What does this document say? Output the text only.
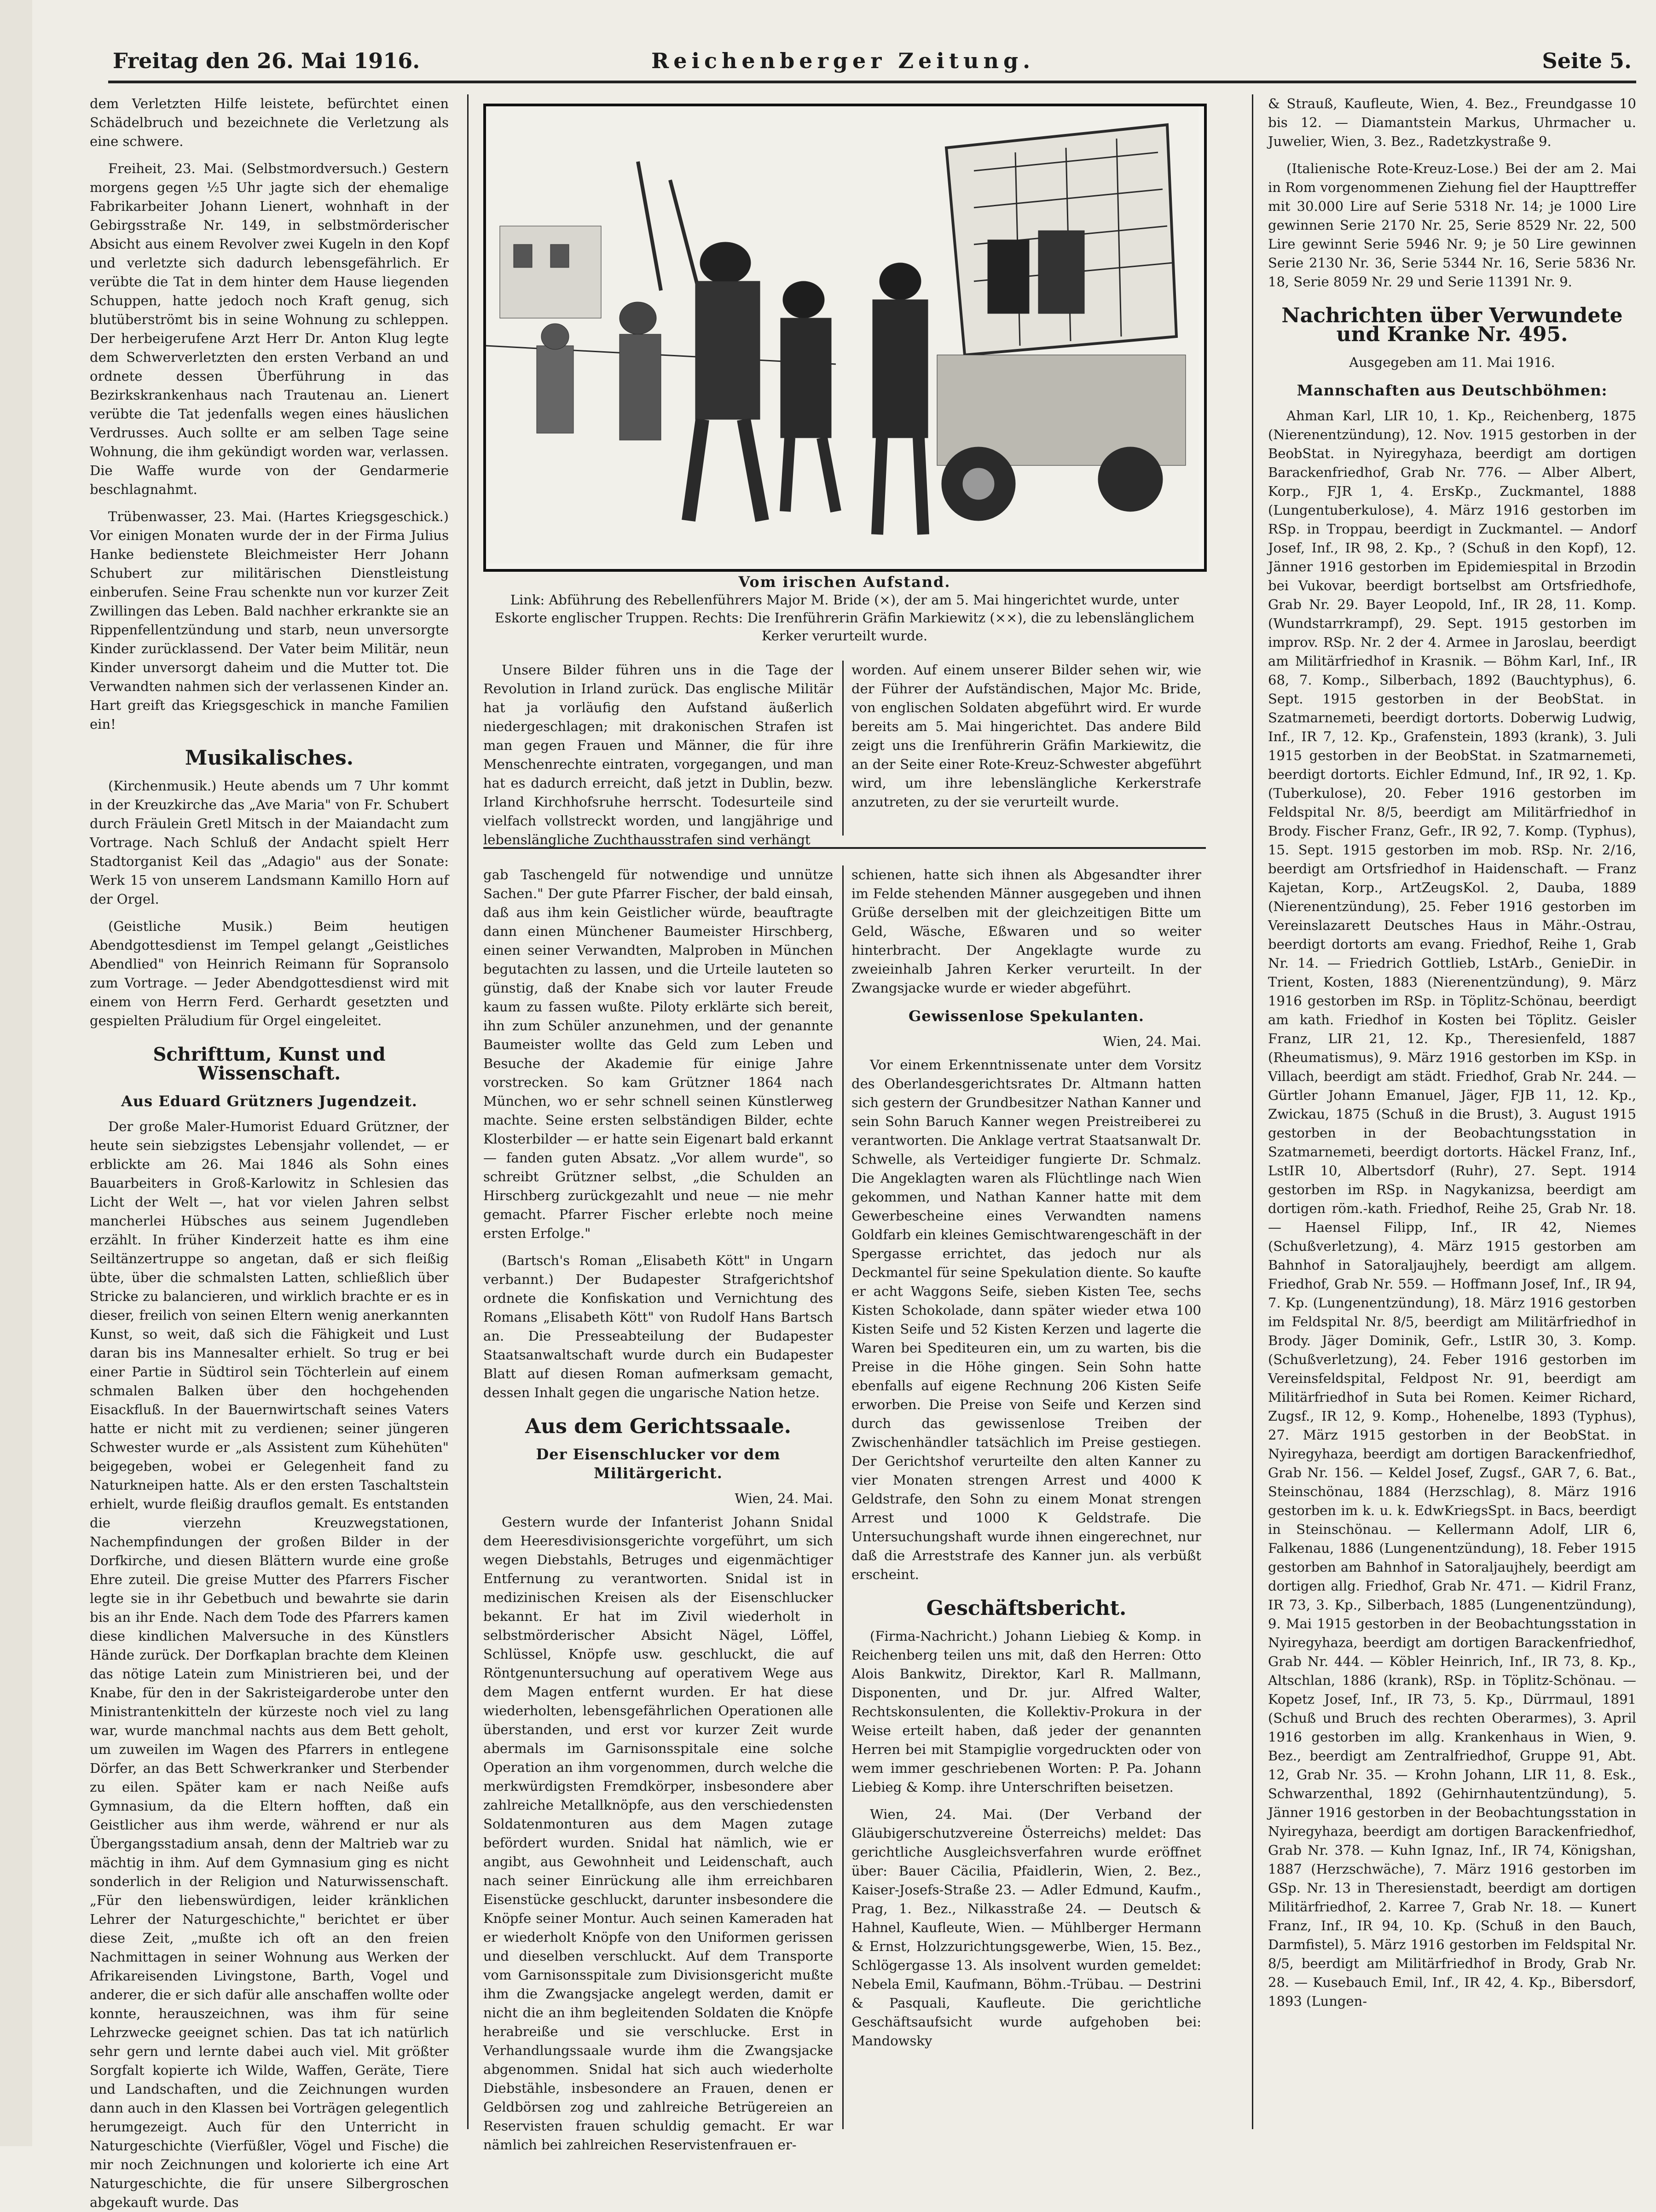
Freitag den 26. Mai 1916.	Reichenberger Zeitung.	Seite 5.

dem Verletzten Hilfe leistete, befürchtet einen Schädelbruch und bezeichnete die Verletzung als eine schwere.

Freiheit, 23. Mai. (Selbstmordversuch.) Gestern morgens gegen ½5 Uhr jagte sich der ehemalige Fabrikarbeiter Johann Lienert, wohnhaft in der Gebirgsstraße Nr. 149, in selbstmörderischer Absicht aus einem Revolver zwei Kugeln in den Kopf und verletzte sich dadurch lebensgefährlich. Er verübte die Tat in dem hinter dem Hause liegenden Schuppen, hatte jedoch noch Kraft genug, sich blutüberströmt bis in seine Wohnung zu schleppen. Der herbeigerufene Arzt Herr Dr. Anton Klug legte dem Schwerverletzten den ersten Verband an und ordnete dessen Überführung in das Bezirkskrankenhaus nach Trautenau an. Lienert verübte die Tat jedenfalls wegen eines häuslichen Verdrusses. Auch sollte er am selben Tage seine Wohnung, die ihm gekündigt worden war, verlassen. Die Waffe wurde von der Gendarmerie beschlagnahmt.

Trübenwasser, 23. Mai. (Hartes Kriegsgeschick.) Vor einigen Monaten wurde der in der Firma Julius Hanke bedienstete Bleichmeister Herr Johann Schubert zur militärischen Dienstleistung einberufen. Seine Frau schenkte nun vor kurzer Zeit Zwillingen das Leben. Bald nachher erkrankte sie an Rippenfellentzündung und starb, neun unversorgte Kinder zurücklassend. Der Vater beim Militär, neun Kinder unversorgt daheim und die Mutter tot. Die Verwandten nahmen sich der verlassenen Kinder an. Hart greift das Kriegsgeschick in manche Familien ein!

Musikalisches.

(Kirchenmusik.) Heute abends um 7 Uhr kommt in der Kreuzkirche das „Ave Maria" von Fr. Schubert durch Fräulein Gretl Mitsch in der Maiandacht zum Vortrage. Nach Schluß der Andacht spielt Herr Stadtorganist Keil das „Adagio" aus der Sonate: Werk 15 von unserem Landsmann Kamillo Horn auf der Orgel.

(Geistliche Musik.) Beim heutigen Abendgottesdienst im Tempel gelangt „Geistliches Abendlied" von Heinrich Reimann für Sopransolo zum Vortrage. — Jeder Abendgottesdienst wird mit einem von Herrn Ferd. Gerhardt gesetzten und gespielten Präludium für Orgel eingeleitet.

Schrifttum, Kunst und Wissenschaft.
Aus Eduard Grützners Jugendzeit.

Der große Maler-Humorist Eduard Grützner, der heute sein siebzigstes Lebensjahr vollendet, — er erblickte am 26. Mai 1846 als Sohn eines Bauarbeiters in Groß-Karlowitz in Schlesien das Licht der Welt —, hat vor vielen Jahren selbst mancherlei Hübsches aus seinem Jugendleben erzählt. In früher Kinderzeit hatte es ihm eine Seiltänzertruppe so angetan, daß er sich fleißig übte, über die schmalsten Latten, schließlich über Stricke zu balancieren, und wirklich brachte er es in dieser, freilich von seinen Eltern wenig anerkannten Kunst, so weit, daß sich die Fähigkeit und Lust daran bis ins Mannesalter erhielt. So trug er bei einer Partie in Südtirol sein Töchterlein auf einem schmalen Balken über den hochgehenden Eisackfluß. In der Bauernwirtschaft seines Vaters hatte er nicht mit zu verdienen; seiner jüngeren Schwester wurde er „als Assistent zum Kühehüten" beigegeben, wobei er Gelegenheit fand zu Naturkneipen hatte. Als er den ersten Taschaltstein erhielt, wurde fleißig drauflos gemalt. Es entstanden die vierzehn Kreuzwegstationen, Nachempfindungen der großen Bilder in der Dorfkirche, und diesen Blättern wurde eine große Ehre zuteil. Die greise Mutter des Pfarrers Fischer legte sie in ihr Gebetbuch und bewahrte sie darin bis an ihr Ende. Nach dem Tode des Pfarrers kamen diese kindlichen Malversuche in des Künstlers Hände zurück. Der Dorfkaplan brachte dem Kleinen das nötige Latein zum Ministrieren bei, und der Knabe, für den in der Sakristeigarderobe unter den Ministrantenkitteln der kürzeste noch viel zu lang war, wurde manchmal nachts aus dem Bett geholt, um zuweilen im Wagen des Pfarrers in entlegene Dörfer, an das Bett Schwerkranker und Sterbender zu eilen. Später kam er nach Neiße aufs Gymnasium, da die Eltern hofften, daß ein Geistlicher aus ihm werde, während er nur als Übergangsstadium ansah, denn der Maltrieb war zu mächtig in ihm. Auf dem Gymnasium ging es nicht sonderlich in der Religion und Naturwissenschaft. „Für den liebenswürdigen, leider kränklichen Lehrer der Naturgeschichte," berichtet er über diese Zeit, „mußte ich oft an den freien Nachmittagen in seiner Wohnung aus Werken der Afrikareisenden Livingstone, Barth, Vogel und anderer, die er sich dafür alle anschaffen wollte oder konnte, herauszeichnen, was ihm für seine Lehrzwecke geeignet schien. Das tat ich natürlich sehr gern und lernte dabei auch viel. Mit größter Sorgfalt kopierte ich Wilde, Waffen, Geräte, Tiere und Landschaften, und die Zeichnungen wurden dann auch in den Klassen bei Vorträgen gelegentlich herumgezeigt. Auch für den Unterricht in Naturgeschichte (Vierfüßler, Vögel und Fische) die mir noch Zeichnungen und kolorierte ich eine Art Naturgeschichte, die für unsere Silbergroschen abgekauft wurde. Das

Vom irischen Aufstand.
Link: Abführung des Rebellenführers Major M. Bride (×), der am 5. Mai hingerichtet wurde, unter Eskorte englischer Truppen. Rechts: Die Irenführerin Gräfin Markiewitz (××), die zu lebenslänglichem Kerker verurteilt wurde.

Unsere Bilder führen uns in die Tage der Revolution in Irland zurück. Das englische Militär hat ja vorläufig den Aufstand äußerlich niedergeschlagen; mit drakonischen Strafen ist man gegen Frauen und Männer, die für ihre Menschenrechte eintraten, vorgegangen, und man hat es dadurch erreicht, daß jetzt in Dublin, bezw. Irland Kirchhofsruhe herrscht. Todesurteile sind vielfach vollstreckt worden, und langjährige und lebenslängliche Zuchthausstrafen sind verhängt

worden. Auf einem unserer Bilder sehen wir, wie der Führer der Aufständischen, Major Mc. Bride, von englischen Soldaten abgeführt wird. Er wurde bereits am 5. Mai hingerichtet. Das andere Bild zeigt uns die Irenführerin Gräfin Markiewitz, die an der Seite einer Rote-Kreuz-Schwester abgeführt wird, um ihre lebenslängliche Kerkerstrafe anzutreten, zu der sie verurteilt wurde.

gab Taschengeld für notwendige und unnütze Sachen." Der gute Pfarrer Fischer, der bald einsah, daß aus ihm kein Geistlicher würde, beauftragte dann einen Münchener Baumeister Hirschberg, einen seiner Verwandten, Malproben in München begutachten zu lassen, und die Urteile lauteten so günstig, daß der Knabe sich vor lauter Freude kaum zu fassen wußte. Piloty erklärte sich bereit, ihn zum Schüler anzunehmen, und der genannte Baumeister wollte das Geld zum Leben und Besuche der Akademie für einige Jahre vorstrecken. So kam Grützner 1864 nach München, wo er sehr schnell seinen Künstlerweg machte. Seine ersten selbständigen Bilder, echte Klosterbilder — er hatte sein Eigenart bald erkannt — fanden guten Absatz. „Vor allem wurde", so schreibt Grützner selbst, „die Schulden an Hirschberg zurückgezahlt und neue — nie mehr gemacht. Pfarrer Fischer erlebte noch meine ersten Erfolge."

(Bartsch's Roman „Elisabeth Kött" in Ungarn verbannt.) Der Budapester Strafgerichtshof ordnete die Konfiskation und Vernichtung des Romans „Elisabeth Kött" von Rudolf Hans Bartsch an. Die Presseabteilung der Budapester Staatsanwaltschaft wurde durch ein Budapester Blatt auf diesen Roman aufmerksam gemacht, dessen Inhalt gegen die ungarische Nation hetze.

Aus dem Gerichtssaale.
Der Eisenschlucker vor dem Militärgericht.
Wien, 24. Mai.

Gestern wurde der Infanterist Johann Snidal dem Heeresdivisionsgerichte vorgeführt, um sich wegen Diebstahls, Betruges und eigenmächtiger Entfernung zu verantworten. Snidal ist in medizinischen Kreisen als der Eisenschlucker bekannt. Er hat im Zivil wiederholt in selbstmörderischer Absicht Nägel, Löffel, Schlüssel, Knöpfe usw. geschluckt, die auf Röntgenuntersuchung auf operativem Wege aus dem Magen entfernt wurden. Er hat diese wiederholten, lebensgefährlichen Operationen alle überstanden, und erst vor kurzer Zeit wurde abermals im Garnisonsspitale eine solche Operation an ihm vorgenommen, durch welche die merkwürdigsten Fremdkörper, insbesondere aber zahlreiche Metallknöpfe, aus den verschiedensten Soldatenmonturen aus dem Magen zutage befördert wurden. Snidal hat nämlich, wie er angibt, aus Gewohnheit und Leidenschaft, auch nach seiner Einrückung alle ihm erreichbaren Eisenstücke geschluckt, darunter insbesondere die Knöpfe seiner Montur. Auch seinen Kameraden hat er wiederholt Knöpfe von den Uniformen gerissen und dieselben verschluckt. Auf dem Transporte vom Garnisonsspitale zum Divisionsgericht mußte ihm die Zwangsjacke angelegt werden, damit er nicht die an ihm begleitenden Soldaten die Knöpfe herabreiße und sie verschlucke. Erst in Verhandlungssaale wurde ihm die Zwangsjacke abgenommen. Snidal hat sich auch wiederholte Diebstähle, insbesondere an Frauen, denen er Geldbörsen zog und zahlreiche Betrügereien an Reservisten frauen schuldig gemacht. Er war nämlich bei zahlreichen Reservistenfrauen er-

schienen, hatte sich ihnen als Abgesandter ihrer im Felde stehenden Männer ausgegeben und ihnen Grüße derselben mit der gleichzeitigen Bitte um Geld, Wäsche, Eßwaren und so weiter hinterbracht. Der Angeklagte wurde zu zweieinhalb Jahren Kerker verurteilt. In der Zwangsjacke wurde er wieder abgeführt.

Gewissenlose Spekulanten.
Wien, 24. Mai.

Vor einem Erkenntnissenate unter dem Vorsitz des Oberlandesgerichtsrates Dr. Altmann hatten sich gestern der Grundbesitzer Nathan Kanner und sein Sohn Baruch Kanner wegen Preistreiberei zu verantworten. Die Anklage vertrat Staatsanwalt Dr. Schwelle, als Verteidiger fungierte Dr. Schmalz. Die Angeklagten waren als Flüchtlinge nach Wien gekommen, und Nathan Kanner hatte mit dem Gewerbescheine eines Verwandten namens Goldfarb ein kleines Gemischtwarengeschäft in der Spergasse errichtet, das jedoch nur als Deckmantel für seine Spekulation diente. So kaufte er acht Waggons Seife, sieben Kisten Tee, sechs Kisten Schokolade, dann später wieder etwa 100 Kisten Seife und 52 Kisten Kerzen und lagerte die Waren bei Spediteuren ein, um zu warten, bis die Preise in die Höhe gingen. Sein Sohn hatte ebenfalls auf eigene Rechnung 206 Kisten Seife erworben. Die Preise von Seife und Kerzen sind durch das gewissenlose Treiben der Zwischenhändler tatsächlich im Preise gestiegen. Der Gerichtshof verurteilte den alten Kanner zu vier Monaten strengen Arrest und 4000 K Geldstrafe, den Sohn zu einem Monat strengen Arrest und 1000 K Geldstrafe. Die Untersuchungshaft wurde ihnen eingerechnet, nur daß die Arreststrafe des Kanner jun. als verbüßt erscheint.

Geschäftsbericht.

(Firma-Nachricht.) Johann Liebieg & Komp. in Reichenberg teilen uns mit, daß den Herren: Otto Alois Bankwitz, Direktor, Karl R. Mallmann, Disponenten, und Dr. jur. Alfred Walter, Rechtskonsulenten, die Kollektiv-Prokura in der Weise erteilt haben, daß jeder der genannten Herren bei mit Stampiglie vorgedruckten oder von wem immer geschriebenen Worten: P. Pa. Johann Liebieg & Komp. ihre Unterschriften beisetzen.

Wien, 24. Mai. (Der Verband der Gläubigerschutzvereine Österreichs) meldet: Das gerichtliche Ausgleichsverfahren wurde eröffnet über: Bauer Cäcilia, Pfaidlerin, Wien, 2. Bez., Kaiser-Josefs-Straße 23. — Adler Edmund, Kaufm., Prag, 1. Bez., Nilkasstraße 24. — Deutsch & Hahnel, Kaufleute, Wien. — Mühlberger Hermann & Ernst, Holzzurichtungsgewerbe, Wien, 15. Bez., Schlögergasse 13. Als insolvent wurden gemeldet: Nebela Emil, Kaufmann, Böhm.-Trübau. — Destrini & Pasquali, Kaufleute. Die gerichtliche Geschäftsaufsicht wurde aufgehoben bei: Mandowsky

& Strauß, Kaufleute, Wien, 4. Bez., Freundgasse 10 bis 12. — Diamantstein Markus, Uhrmacher u. Juwelier, Wien, 3. Bez., Radetzkystraße 9.

(Italienische Rote-Kreuz-Lose.) Bei der am 2. Mai in Rom vorgenommenen Ziehung fiel der Haupttreffer mit 30.000 Lire auf Serie 5318 Nr. 14; je 1000 Lire gewinnen Serie 2170 Nr. 25, Serie 8529 Nr. 22, 500 Lire gewinnt Serie 5946 Nr. 9; je 50 Lire gewinnen Serie 2130 Nr. 36, Serie 5344 Nr. 16, Serie 5836 Nr. 18, Serie 8059 Nr. 29 und Serie 11391 Nr. 9.

Nachrichten über Verwundete und Kranke Nr. 495.
Ausgegeben am 11. Mai 1916.
Mannschaften aus Deutschböhmen:

Ahman Karl, LIR 10, 1. Kp., Reichenberg, 1875 (Nierenentzündung), 12. Nov. 1915 gestorben in der BeobStat. in Nyiregyhaza, beerdigt am dortigen Barackenfriedhof, Grab Nr. 776. — Alber Albert, Korp., FJR 1, 4. ErsKp., Zuckmantel, 1888 (Lungentuberkulose), 4. März 1916 gestorben im RSp. in Troppau, beerdigt in Zuckmantel. — Andorf Josef, Inf., IR 98, 2. Kp., ? (Schuß in den Kopf), 12. Jänner 1916 gestorben im Epidemiespital in Brzodin bei Vukovar, beerdigt bortselbst am Ortsfriedhofe, Grab Nr. 29. Bayer Leopold, Inf., IR 28, 11. Komp. (Wundstarrkrampf), 29. Sept. 1915 gestorben im improv. RSp. Nr. 2 der 4. Armee in Jaroslau, beerdigt am Militärfriedhof in Krasnik. — Böhm Karl, Inf., IR 68, 7. Komp., Silberbach, 1892 (Bauchtyphus), 6. Sept. 1915 gestorben in der BeobStat. in Szatmarnemeti, beerdigt dortorts. Doberwig Ludwig, Inf., IR 7, 12. Kp., Grafenstein, 1893 (krank), 3. Juli 1915 gestorben in der BeobStat. in Szatmarnemeti, beerdigt dortorts. Eichler Edmund, Inf., IR 92, 1. Kp. (Tuberkulose), 20. Feber 1916 gestorben im Feldspital Nr. 8/5, beerdigt am Militärfriedhof in Brody. Fischer Franz, Gefr., IR 92, 7. Komp. (Typhus), 15. Sept. 1915 gestorben im mob. RSp. Nr. 2/16, beerdigt am Ortsfriedhof in Haidenschaft. — Franz Kajetan, Korp., ArtZeugsKol. 2, Dauba, 1889 (Nierenentzündung), 25. Feber 1916 gestorben im Vereinslazarett Deutsches Haus in Mähr.-Ostrau, beerdigt dortorts am evang. Friedhof, Reihe 1, Grab Nr. 14. — Friedrich Gottlieb, LstArb., GenieDir. in Trient, Kosten, 1883 (Nierenentzündung), 9. März 1916 gestorben im RSp. in Töplitz-Schönau, beerdigt am kath. Friedhof in Kosten bei Töplitz. Geisler Franz, LIR 21, 12. Kp., Theresienfeld, 1887 (Rheumatismus), 9. März 1916 gestorben im KSp. in Villach, beerdigt am städt. Friedhof, Grab Nr. 244. — Gürtler Johann Emanuel, Jäger, FJB 11, 12. Kp., Zwickau, 1875 (Schuß in die Brust), 3. August 1915 gestorben in der Beobachtungsstation in Szatmarnemeti, beerdigt dortorts. Häckel Franz, Inf., LstIR 10, Albertsdorf (Ruhr), 27. Sept. 1914 gestorben im RSp. in Nagykanizsa, beerdigt am dortigen röm.-kath. Friedhof, Reihe 25, Grab Nr. 18. — Haensel Filipp, Inf., IR 42, Niemes (Schußverletzung), 4. März 1915 gestorben am Bahnhof in Satoraljaujhely, beerdigt am allgem. Friedhof, Grab Nr. 559. — Hoffmann Josef, Inf., IR 94, 7. Kp. (Lungenentzündung), 18. März 1916 gestorben im Feldspital Nr. 8/5, beerdigt am Militärfriedhof in Brody. Jäger Dominik, Gefr., LstIR 30, 3. Komp. (Schußverletzung), 24. Feber 1916 gestorben im Vereinsfeldspital, Feldpost Nr. 91, beerdigt am Militärfriedhof in Suta bei Romen. Keimer Richard, Zugsf., IR 12, 9. Komp., Hohenelbe, 1893 (Typhus), 27. März 1915 gestorben in der BeobStat. in Nyiregyhaza, beerdigt am dortigen Barackenfriedhof, Grab Nr. 156. — Keldel Josef, Zugsf., GAR 7, 6. Bat., Steinschönau, 1884 (Herzschlag), 8. März 1916 gestorben im k. u. k. EdwKriegsSpt. in Bacs, beerdigt in Steinschönau. — Kellermann Adolf, LIR 6, Falkenau, 1886 (Lungenentzündung), 18. Feber 1915 gestorben am Bahnhof in Satoraljaujhely, beerdigt am dortigen allg. Friedhof, Grab Nr. 471. — Kidril Franz, IR 73, 3. Kp., Silberbach, 1885 (Lungenentzündung), 9. Mai 1915 gestorben in der Beobachtungsstation in Nyiregyhaza, beerdigt am dortigen Barackenfriedhof, Grab Nr. 444. — Köbler Heinrich, Inf., IR 73, 8. Kp., Altschlan, 1886 (krank), RSp. in Töplitz-Schönau. — Kopetz Josef, Inf., IR 73, 5. Kp., Dürrmaul, 1891 (Schuß und Bruch des rechten Oberarmes), 3. April 1916 gestorben im allg. Krankenhaus in Wien, 9. Bez., beerdigt am Zentralfriedhof, Gruppe 91, Abt. 12, Grab Nr. 35. — Krohn Johann, LIR 11, 8. Esk., Schwarzenthal, 1892 (Gehirnhautentzündung), 5. Jänner 1916 gestorben in der Beobachtungsstation in Nyiregyhaza, beerdigt am dortigen Barackenfriedhof, Grab Nr. 378. — Kuhn Ignaz, Inf., IR 74, Königshan, 1887 (Herzschwäche), 7. März 1916 gestorben im GSp. Nr. 13 in Theresienstadt, beerdigt am dortigen Militärfriedhof, 2. Karree 7, Grab Nr. 18. — Kunert Franz, Inf., IR 94, 10. Kp. (Schuß in den Bauch, Darmfistel), 5. März 1916 gestorben im Feldspital Nr. 8/5, beerdigt am Militärfriedhof in Brody, Grab Nr. 28. — Kusebauch Emil, Inf., IR 42, 4. Kp., Bibersdorf, 1893 (Lungen-
